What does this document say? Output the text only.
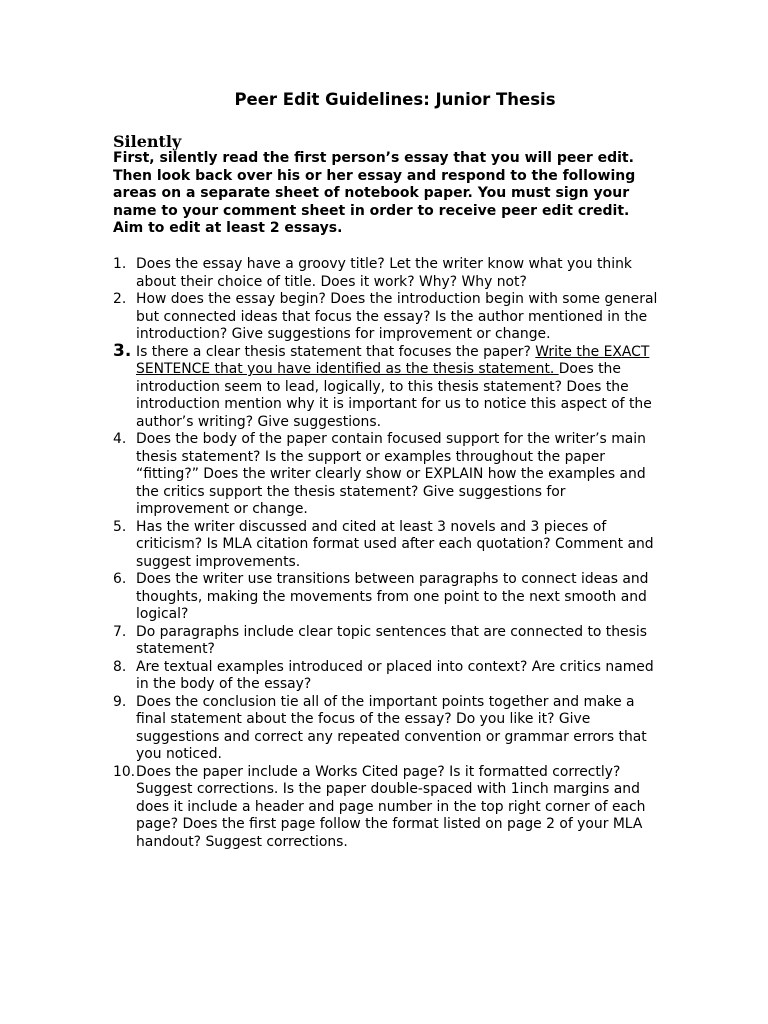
Peer Edit Guidelines: Junior Thesis
Silently

First, silently read the first person’s essay that you will peer edit. Then look back over his or her essay and respond to the following areas on a separate sheet of notebook paper. You must sign your name to your comment sheet in order to receive peer edit credit. Aim to edit at least 2 essays.

1. Does the essay have a groovy title? Let the writer know what you think about their choice of title. Does it work? Why? Why not?
2. How does the essay begin? Does the introduction begin with some general but connected ideas that focus the essay? Is the author mentioned in the introduction? Give suggestions for improvement or change.
3. Is there a clear thesis statement that focuses the paper? Write the EXACT SENTENCE that you have identified as the thesis statement. Does the introduction seem to lead, logically, to this thesis statement? Does the introduction mention why it is important for us to notice this aspect of the author’s writing? Give suggestions.
4. Does the body of the paper contain focused support for the writer’s main thesis statement? Is the support or examples throughout the paper “fitting?” Does the writer clearly show or EXPLAIN how the examples and the critics support the thesis statement? Give suggestions for improvement or change.
5. Has the writer discussed and cited at least 3 novels and 3 pieces of criticism? Is MLA citation format used after each quotation? Comment and suggest improvements.
6. Does the writer use transitions between paragraphs to connect ideas and thoughts, making the movements from one point to the next smooth and logical?
7. Do paragraphs include clear topic sentences that are connected to thesis statement?
8. Are textual examples introduced or placed into context? Are critics named in the body of the essay?
9. Does the conclusion tie all of the important points together and make a final statement about the focus of the essay? Do you like it? Give suggestions and correct any repeated convention or grammar errors that you noticed.
10. Does the paper include a Works Cited page? Is it formatted correctly? Suggest corrections. Is the paper double-spaced with 1inch margins and does it include a header and page number in the top right corner of each page? Does the first page follow the format listed on page 2 of your MLA handout? Suggest corrections.
